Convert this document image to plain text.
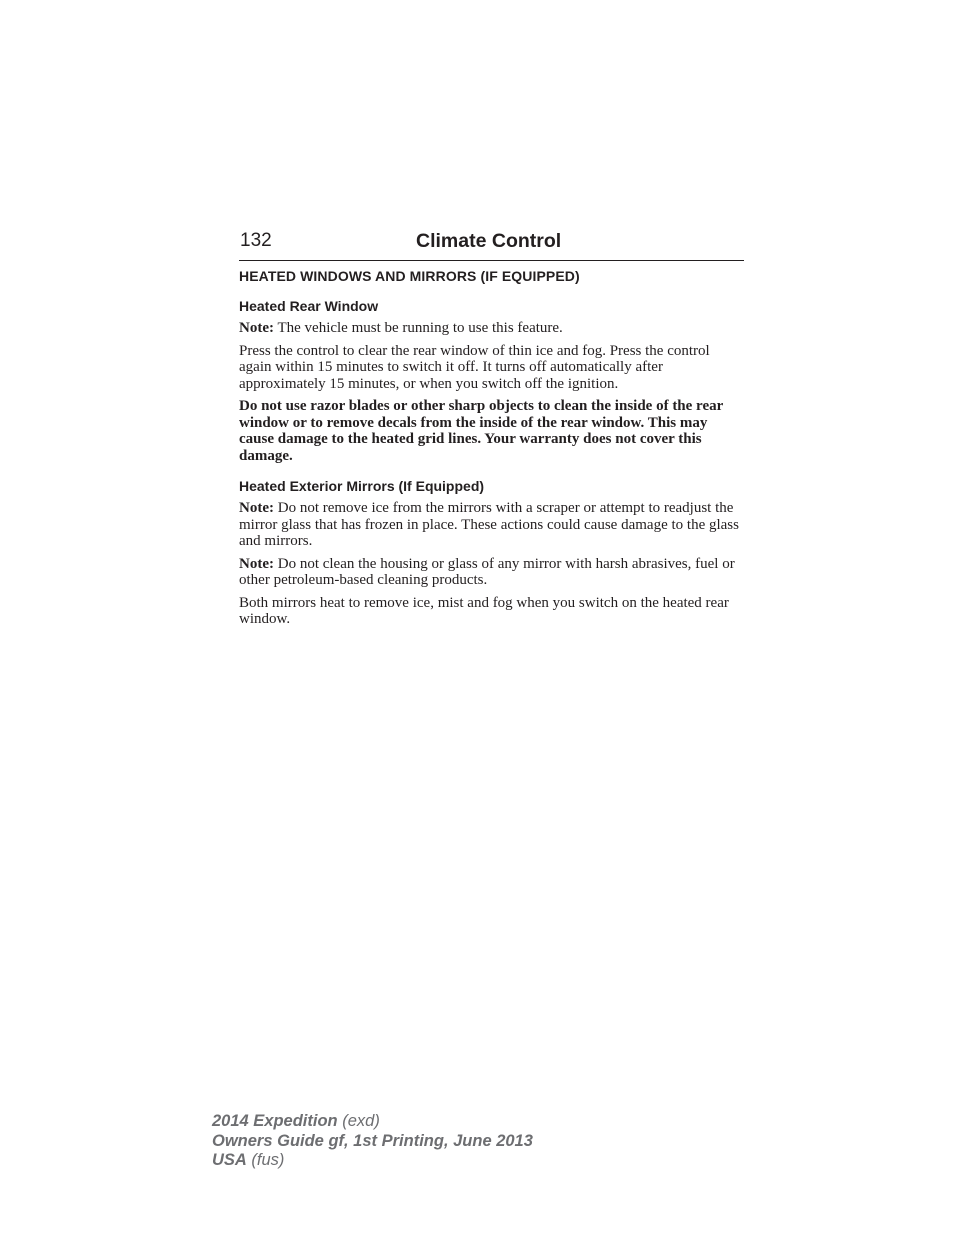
132	Climate Control
HEATED WINDOWS AND MIRRORS (IF EQUIPPED)
Heated Rear Window

Note: The vehicle must be running to use this feature.

Press the control to clear the rear window of thin ice and fog. Press the control again within 15 minutes to switch it off. It turns off automatically after approximately 15 minutes, or when you switch off the ignition.

Do not use razor blades or other sharp objects to clean the inside of the rear window or to remove decals from the inside of the rear window. This may cause damage to the heated grid lines. Your warranty does not cover this damage.

Heated Exterior Mirrors (If Equipped)

Note: Do not remove ice from the mirrors with a scraper or attempt to readjust the mirror glass that has frozen in place. These actions could cause damage to the glass and mirrors.

Note: Do not clean the housing or glass of any mirror with harsh abrasives, fuel or other petroleum-based cleaning products.

Both mirrors heat to remove ice, mist and fog when you switch on the heated rear window.

2014 Expedition (exd)
Owners Guide gf, 1st Printing, June 2013
USA (fus)
